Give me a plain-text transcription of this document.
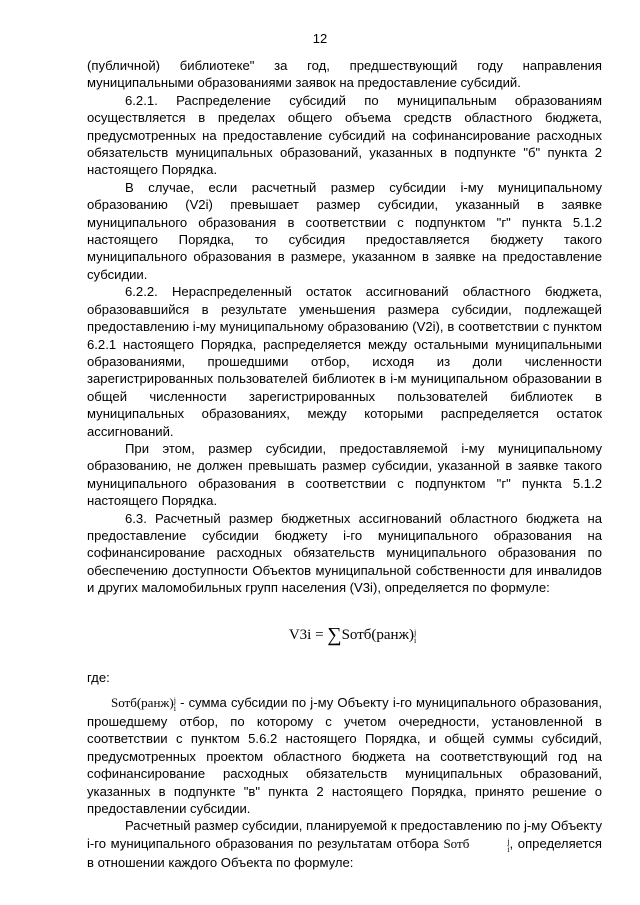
12

(публичной) библиотеке" за год, предшествующий году направления муниципальными образованиями заявок на предоставление субсидий.

6.2.1. Распределение субсидий по муниципальным образованиям осуществляется в пределах общего объема средств областного бюджета, предусмотренных на предоставление субсидий на софинансирование расходных обязательств муниципальных образований, указанных в подпункте "б" пункта 2 настоящего Порядка.

В случае, если расчетный размер субсидии i-му муниципальному образованию (V2i) превышает размер субсидии, указанный в заявке муниципального образования в соответствии с подпунктом "г" пункта 5.1.2 настоящего Порядка, то субсидия предоставляется бюджету такого муниципального образования в размере, указанном в заявке на предоставление субсидии.

6.2.2. Нераспределенный остаток ассигнований областного бюджета, образовавшийся в результате уменьшения размера субсидии, подлежащей предоставлению i-му муниципальному образованию (V2i), в соответствии с пунктом 6.2.1 настоящего Порядка, распределяется между остальными муниципальными образованиями, прошедшими отбор, исходя из доли численности зарегистрированных пользователей библиотек в i-м муниципальном образовании в общей численности зарегистрированных пользователей библиотек в муниципальных образованиях, между которыми распределяется остаток ассигнований.

При этом, размер субсидии, предоставляемой i-му муниципальному образованию, не должен превышать размер субсидии, указанной в заявке такого муниципального образования в соответствии с подпунктом "г" пункта 5.1.2 настоящего Порядка.

6.3. Расчетный размер бюджетных ассигнований областного бюджета на предоставление субсидии бюджету i-го муниципального образования на софинансирование расходных обязательств муниципального образования по обеспечению доступности Объектов муниципальной собственности для инвалидов и других маломобильных групп населения (V3i), определяется по формуле:

V3i = ∑Sотб(ранж) j
i

где:

Sотб(ранж) j
i - сумма субсидии по j-му Объекту i-го муниципального образования, прошедшему отбор, по которому с учетом очередности, установленной в соответствии с пунктом 5.6.2 настоящего Порядка, и общей суммы субсидий, предусмотренных проектом областного бюджета на соответствующий год на софинансирование расходных обязательств муниципальных образований, указанных в подпункте "в" пункта 2 настоящего Порядка, принято решение о предоставлении субсидии.

Расчетный размер субсидии, планируемой к предоставлению по j-му Объекту i-го муниципального образования по результатам отбора Sотб	j
i , определяется в отношении каждого Объекта по формуле:
